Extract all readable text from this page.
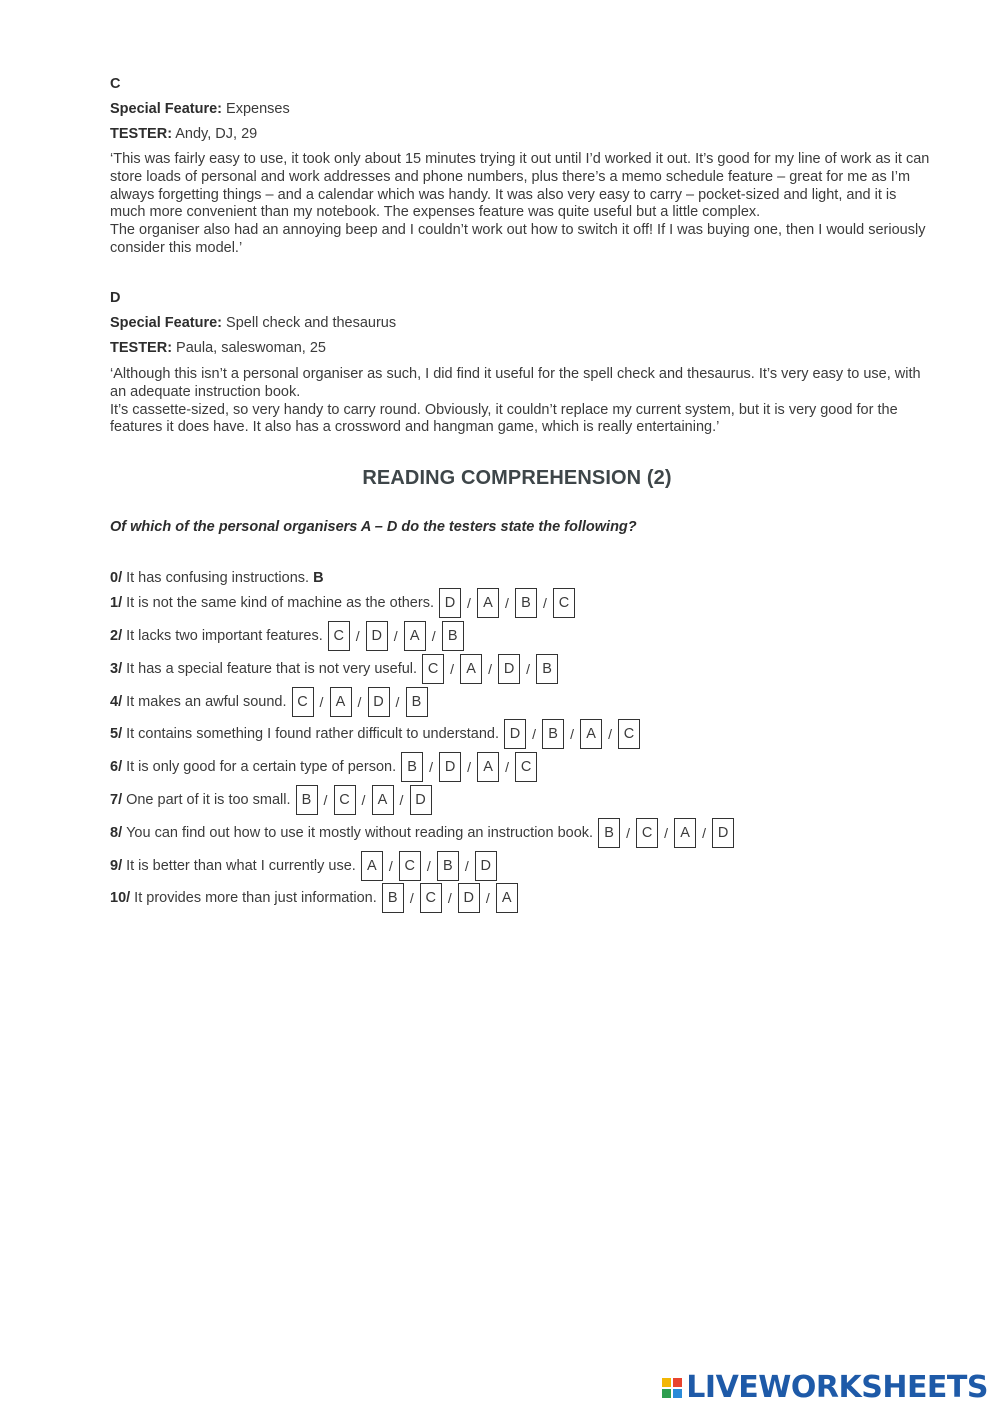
C
Special Feature: Expenses
TESTER: Andy, DJ, 29

‘This was fairly easy to use, it took only about 15 minutes trying it out until I’d worked it out. It’s good for my line of work as it can store loads of personal and work addresses and phone numbers, plus there’s a memo schedule feature – great for me as I’m always forgetting things – and a calendar which was handy. It was also very easy to carry – pocket-sized and light, and it is much more convenient than my notebook. The expenses feature was quite useful but a little complex.

The organiser also had an annoying beep and I couldn’t work out how to switch it off! If I was buying one, then I would seriously consider this model.’

D
Special Feature: Spell check and thesaurus
TESTER: Paula, saleswoman, 25

‘Although this isn’t a personal organiser as such, I did find it useful for the spell check and thesaurus. It’s very easy to use, with an adequate instruction book.

It’s cassette-sized, so very handy to carry round. Obviously, it couldn’t replace my current system, but it is very good for the features it does have. It also has a crossword and hangman game, which is really entertaining.’

READING COMPREHENSION (2)
Of which of the personal organisers A – D do the testers state the following?
0/ It has confusing instructions. B
1/ It is not the same kind of machine as the others. D / A / B / C
2/ It lacks two important features. C / D / A / B
3/ It has a special feature that is not very useful. C / A / D / B
4/ It makes an awful sound. C / A / D / B
5/ It contains something I found rather difficult to understand. D / B / A / C
6/ It is only good for a certain type of person. B / D / A / C
7/ One part of it is too small. B / C / A / D
8/ You can find out how to use it mostly without reading an instruction book. B / C / A / D
9/ It is better than what I currently use. A / C / B / D
10/ It provides more than just information. B / C / D / A
LIVEWORKSHEETS
